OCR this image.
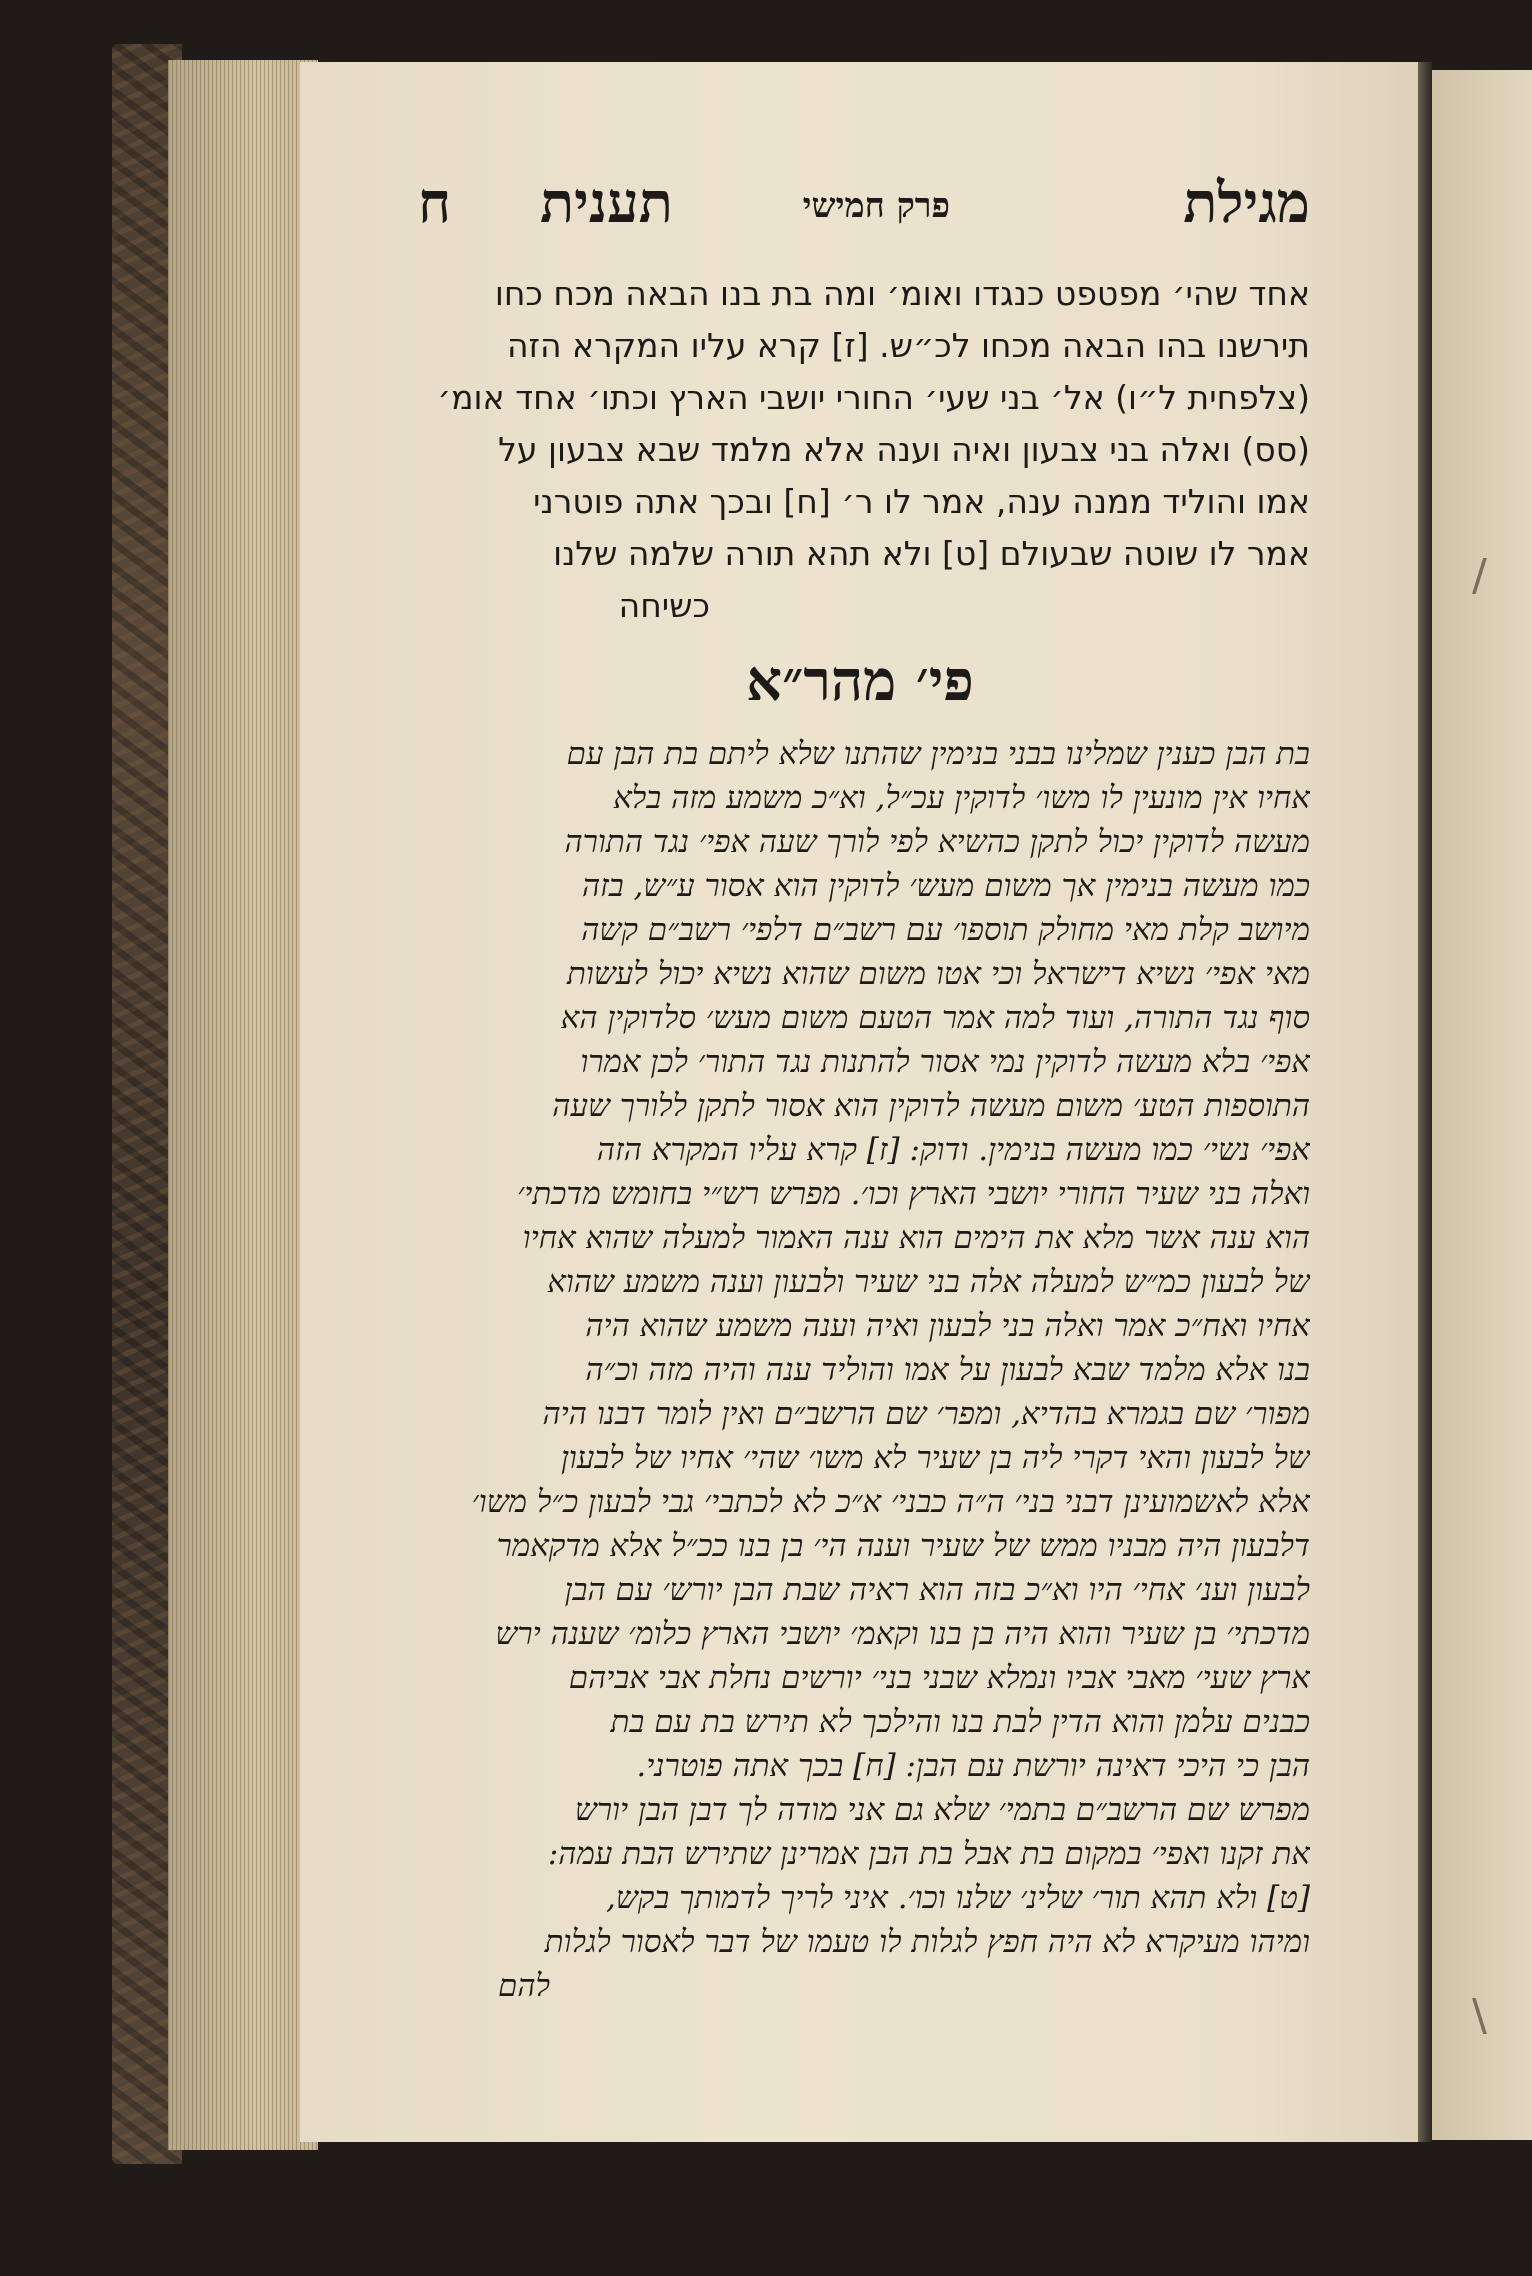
/
\
מגילת
פרק חמישי
תענית
ח
אחד שהי׳ מפטפט כנגדו ואומ׳ ומה בת בנו הבאה מכח כחו
תירשנו בהו הבאה מכחו לכ״ש. [ז] קרא עליו המקרא הזה
(צלפחית ל״ו) אל׳ בני שעי׳ החורי יושבי הארץ וכתו׳ אחד אומ׳
(סס) ואלה בני צבעון ואיה וענה אלא מלמד שבא צבעון על
אמו והוליד ממנה ענה, אמר לו ר׳ [ח] ובכך אתה פוטרני
אמר לו שוטה שבעולם [ט] ולא תהא תורה שלמה שלנו
כשיחה
פי׳ מהר״א
בת הבן כענין שמלינו בבני בנימין שהתנו שלא ליתם בת הבן עם
אחיו אין מונעין לו משו׳ לדוקין עכ״ל, וא״כ משמע מזה בלא
מעשה לדוקין יכול לתקן כהשיא לפי לורך שעה אפי׳ נגד התורה
כמו מעשה בנימין אך משום מעש׳ לדוקין הוא אסור ע״ש, בזה
מיושב קלת מאי מחולק תוספו׳ עם רשב״ם דלפי׳ רשב״ם קשה
מאי אפי׳ נשיא דישראל וכי אטו משום שהוא נשיא יכול לעשות
סוף נגד התורה, ועוד למה אמר הטעם משום מעש׳ סלדוקין הא
אפי׳ בלא מעשה לדוקין נמי אסור להתנות נגד התור׳ לכן אמרו
התוספות הטע׳ משום מעשה לדוקין הוא אסור לתקן ללורך שעה
אפי׳ נשי׳ כמו מעשה בנימין. ודוק: [ז] קרא עליו המקרא הזה
ואלה בני שעיר החורי יושבי הארץ וכו׳. מפרש רש״י בחומש מדכתי׳
הוא ענה אשר מלא את הימים הוא ענה האמור למעלה שהוא אחיו
של לבעון כמ״ש למעלה אלה בני שעיר ולבעון וענה משמע שהוא
אחיו ואח״כ אמר ואלה בני לבעון ואיה וענה משמע שהוא היה
בנו אלא מלמד שבא לבעון על אמו והוליד ענה והיה מזה וכ״ה
מפור׳ שם בגמרא בהדיא, ומפר׳ שם הרשב״ם ואין לומר דבנו היה
של לבעון והאי דקרי ליה בן שעיר לא משו׳ שהי׳ אחיו של לבעון
אלא לאשמועינן דבני בני׳ ה״ה כבני׳ א״כ לא לכתבי׳ גבי לבעון כ״ל משו׳
דלבעון היה מבניו ממש של שעיר וענה הי׳ בן בנו ככ״ל אלא מדקאמר
לבעון וענ׳ אחי׳ היו וא״כ בזה הוא ראיה שבת הבן יורש׳ עם הבן
מדכתי׳ בן שעיר והוא היה בן בנו וקאמ׳ יושבי הארץ כלומ׳ שענה ירש
ארץ שעי׳ מאבי אביו ונמלא שבני בני׳ יורשים נחלת אבי אביהם
כבנים עלמן והוא הדין לבת בנו והילכך לא תירש בת עם בת
הבן כי היכי דאינה יורשת עם הבן: [ח] בכך אתה פוטרני.
מפרש שם הרשב״ם בתמי׳ שלא גם אני מודה לך דבן הבן יורש
את זקנו ואפי׳ במקום בת אבל בת הבן אמרינן שתירש הבת עמה:
[ט] ולא תהא תור׳ שלינ׳ שלנו וכו׳. איני לריך לדמותך בקש,
ומיהו מעיקרא לא היה חפץ לגלות לו טעמו של דבר לאסור לגלות
להם
